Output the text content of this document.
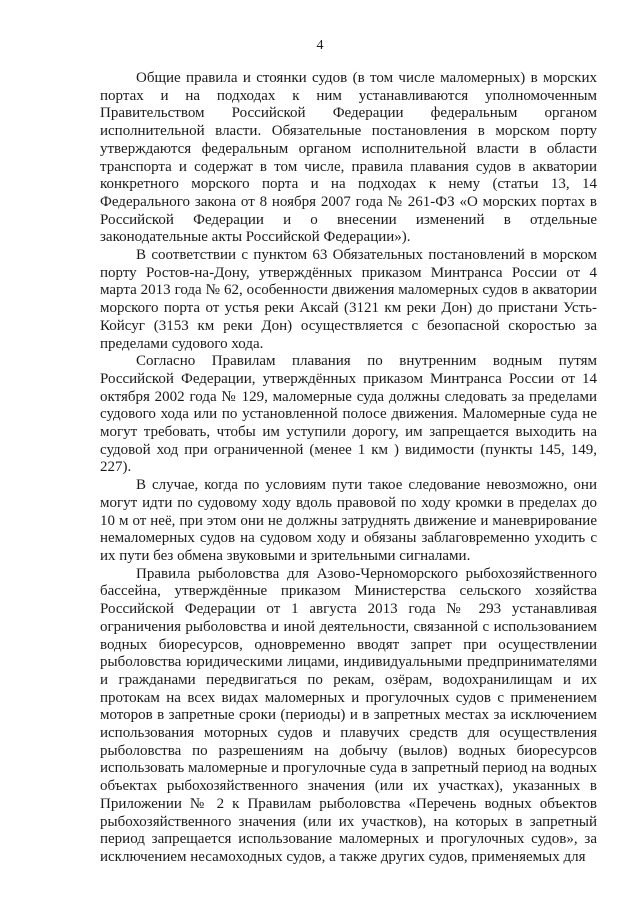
4

Общие правила и стоянки судов (в том числе маломерных) в морских портах и на подходах к ним устанавливаются уполномоченным Правительством Российской Федерации федеральным органом исполнительной власти. Обязательные постановления в морском порту утверждаются федеральным органом исполнительной власти в области транспорта и содержат в том числе, правила плавания судов в акватории конкретного морского порта и на подходах к нему (статьи 13, 14 Федерального закона от 8 ноября 2007 года № 261-ФЗ «О морских портах в Российской Федерации и о внесении изменений в отдельные законодательные акты Российской Федерации»).

В соответствии с пунктом 63 Обязательных постановлений в морском порту Ростов-на-Дону, утверждённых приказом Минтранса России от 4 марта 2013 года № 62, особенности движения маломерных судов в акватории морского порта от устья реки Аксай (3121 км реки Дон) до пристани Усть-Койсуг (3153 км реки Дон) осуществляется с безопасной скоростью за пределами судового хода.

Согласно Правилам плавания по внутренним водным путям Российской Федерации, утверждённых приказом Минтранса России от 14 октября 2002 года № 129, маломерные суда должны следовать за пределами судового хода или по установленной полосе движения. Маломерные суда не могут требовать, чтобы им уступили дорогу, им запрещается выходить на судовой ход при ограниченной (менее 1 км ) видимости (пункты 145, 149, 227).

В случае, когда по условиям пути такое следование невозможно, они могут идти по судовому ходу вдоль правовой по ходу кромки в пределах до 10 м от неё, при этом они не должны затруднять движение и маневрирование немаломерных судов на судовом ходу и обязаны заблаговременно уходить с их пути без обмена звуковыми и зрительными сигналами.

Правила рыболовства для Азово-Черноморского рыбохозяйственного бассейна, утверждённые приказом Министерства сельского хозяйства Российской Федерации от 1 августа 2013 года № 293 устанавливая ограничения рыболовства и иной деятельности, связанной с использованием водных биоресурсов, одновременно вводят запрет при осуществлении рыболовства юридическими лицами, индивидуальными предпринимателями и гражданами передвигаться по рекам, озёрам, водохранилищам и их протокам на всех видах маломерных и прогулочных судов с применением моторов в запретные сроки (периоды) и в запретных местах за исключением использования моторных судов и плавучих средств для осуществления рыболовства по разрешениям на добычу (вылов) водных биоресурсов использовать маломерные и прогулочные суда в запретный период на водных объектах рыбохозяйственного значения (или их участках), указанных в Приложении № 2 к Правилам рыболовства «Перечень водных объектов рыбохозяйственного значения (или их участков), на которых в запретный период запрещается использование маломерных и прогулочных судов», за исключением несамоходных судов, а также других судов, применяемых для
